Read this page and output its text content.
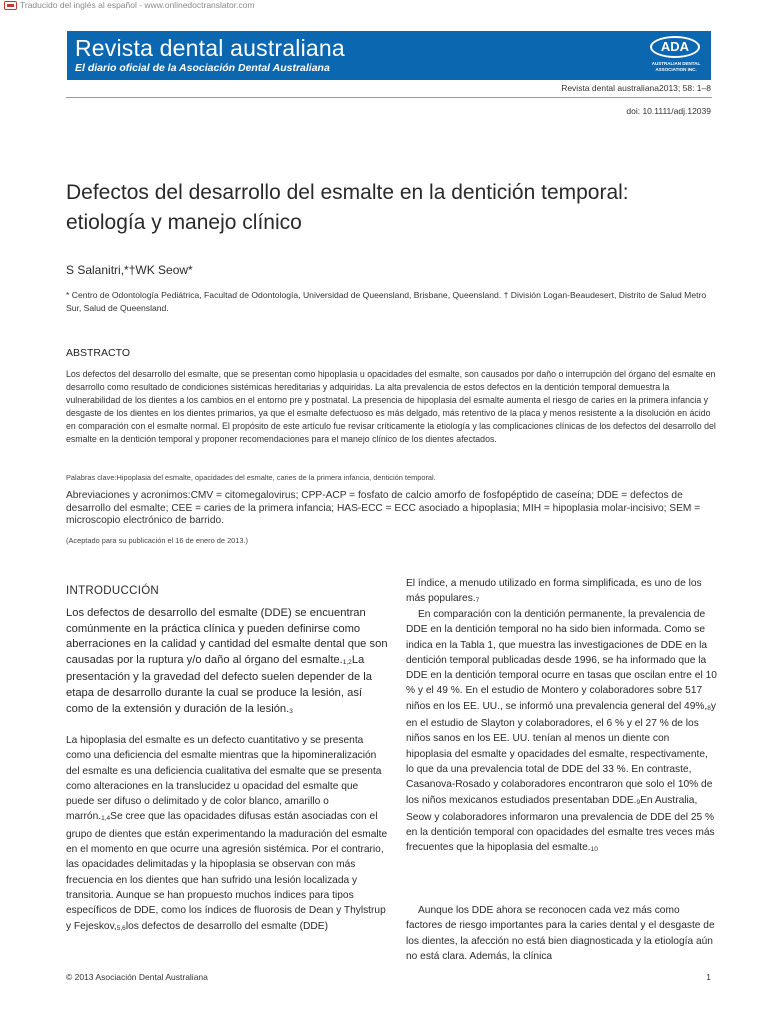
Traducido del inglés al español - www.onlinedoctranslator.com
Revista dental australiana
El diario oficial de la Asociación Dental Australiana
ADA
AUSTRALIAN DENTAL
ASSOCIATION INC.
Revista dental australiana2013; 58: 1–8
doi: 10.1111/adj.12039
Defectos del desarrollo del esmalte en la dentición temporal: etiología y manejo clínico
S Salanitri,*†WK Seow*
* Centro de Odontología Pediátrica, Facultad de Odontología, Universidad de Queensland, Brisbane, Queensland. † División Logan-Beaudesert, Distrito de Salud Metro Sur, Salud de Queensland.
ABSTRACTO
Los defectos del desarrollo del esmalte, que se presentan como hipoplasia u opacidades del esmalte, son causados por daño o interrupción del órgano del esmalte en desarrollo como resultado de condiciones sistémicas hereditarias y adquiridas. La alta prevalencia de estos defectos en la dentición temporal demuestra la vulnerabilidad de los dientes a los cambios en el entorno pre y postnatal. La presencia de hipoplasia del esmalte aumenta el riesgo de caries en la primera infancia y desgaste de los dientes en los dientes primarios, ya que el esmalte defectuoso es más delgado, más retentivo de la placa y menos resistente a la disolución en ácido en comparación con el esmalte normal. El propósito de este artículo fue revisar críticamente la etiología y las complicaciones clínicas de los defectos del desarrollo del esmalte en la dentición temporal y proponer recomendaciones para el manejo clínico de los dientes afectados.
Palabras clave:Hipoplasia del esmalte, opacidades del esmalte, caries de la primera infancia, dentición temporal.
Abreviaciones y acronimos:CMV = citomegalovirus; CPP-ACP = fosfato de calcio amorfo de fosfopéptido de caseína; DDE = defectos de desarrollo del esmalte; CEE = caries de la primera infancia; HAS-ECC = ECC asociado a hipoplasia; MIH = hipoplasia molar-incisivo; SEM = microscopio electrónico de barrido.
(Aceptado para su publicación el 16 de enero de 2013.)
INTRODUCCIÓN
Los defectos de desarrollo del esmalte (DDE) se encuentran comúnmente en la práctica clínica y pueden definirse como aberraciones en la calidad y cantidad del esmalte dental que son causadas por la ruptura y/o daño al órgano del esmalte.1,2La presentación y la gravedad del defecto suelen depender de la etapa de desarrollo durante la cual se produce la lesión, así como de la extensión y duración de la lesión.3
La hipoplasia del esmalte es un defecto cuantitativo y se presenta como una deficiencia del esmalte mientras que la hipomineralización del esmalte es una deficiencia cualitativa del esmalte que se presenta como alteraciones en la translucidez u opacidad del esmalte que puede ser difuso o delimitado y de color blanco, amarillo o marrón.1,4Se cree que las opacidades difusas están asociadas con el grupo de dientes que están experimentando la maduración del esmalte en el momento en que ocurre una agresión sistémica. Por el contrario, las opacidades delimitadas y la hipoplasia se observan con más frecuencia en los dientes que han sufrido una lesión localizada y transitoria. Aunque se han propuesto muchos índices para tipos específicos de DDE, como los índices de fluorosis de Dean y Thylstrup y Fejeskov,5,6los defectos de desarrollo del esmalte (DDE)
El índice, a menudo utilizado en forma simplificada, es uno de los más populares.7
En comparación con la dentición permanente, la prevalencia de DDE en la dentición temporal no ha sido bien informada. Como se indica en la Tabla 1, que muestra las investigaciones de DDE en la dentición temporal publicadas desde 1996, se ha informado que la DDE en la dentición temporal ocurre en tasas que oscilan entre el 10 % y el 49 %. En el estudio de Montero y colaboradores sobre 517 niños en los EE. UU., se informó una prevalencia general del 49%,8y en el estudio de Slayton y colaboradores, el 6 % y el 27 % de los niños sanos en los EE. UU. tenían al menos un diente con hipoplasia del esmalte y opacidades del esmalte, respectivamente, lo que da una prevalencia total de DDE del 33 %. En contraste, Casanova-Rosado y colaboradores encontraron que solo el 10% de los niños mexicanos estudiados presentaban DDE.9En Australia, Seow y colaboradores informaron una prevalencia de DDE del 25 % en la dentición temporal con opacidades del esmalte tres veces más frecuentes que la hipoplasia del esmalte.10
Aunque los DDE ahora se reconocen cada vez más como factores de riesgo importantes para la caries dental y el desgaste de los dientes, la afección no está bien diagnosticada y la etiología aún no está clara. Además, la clínica
© 2013 Asociación Dental Australiana	1
